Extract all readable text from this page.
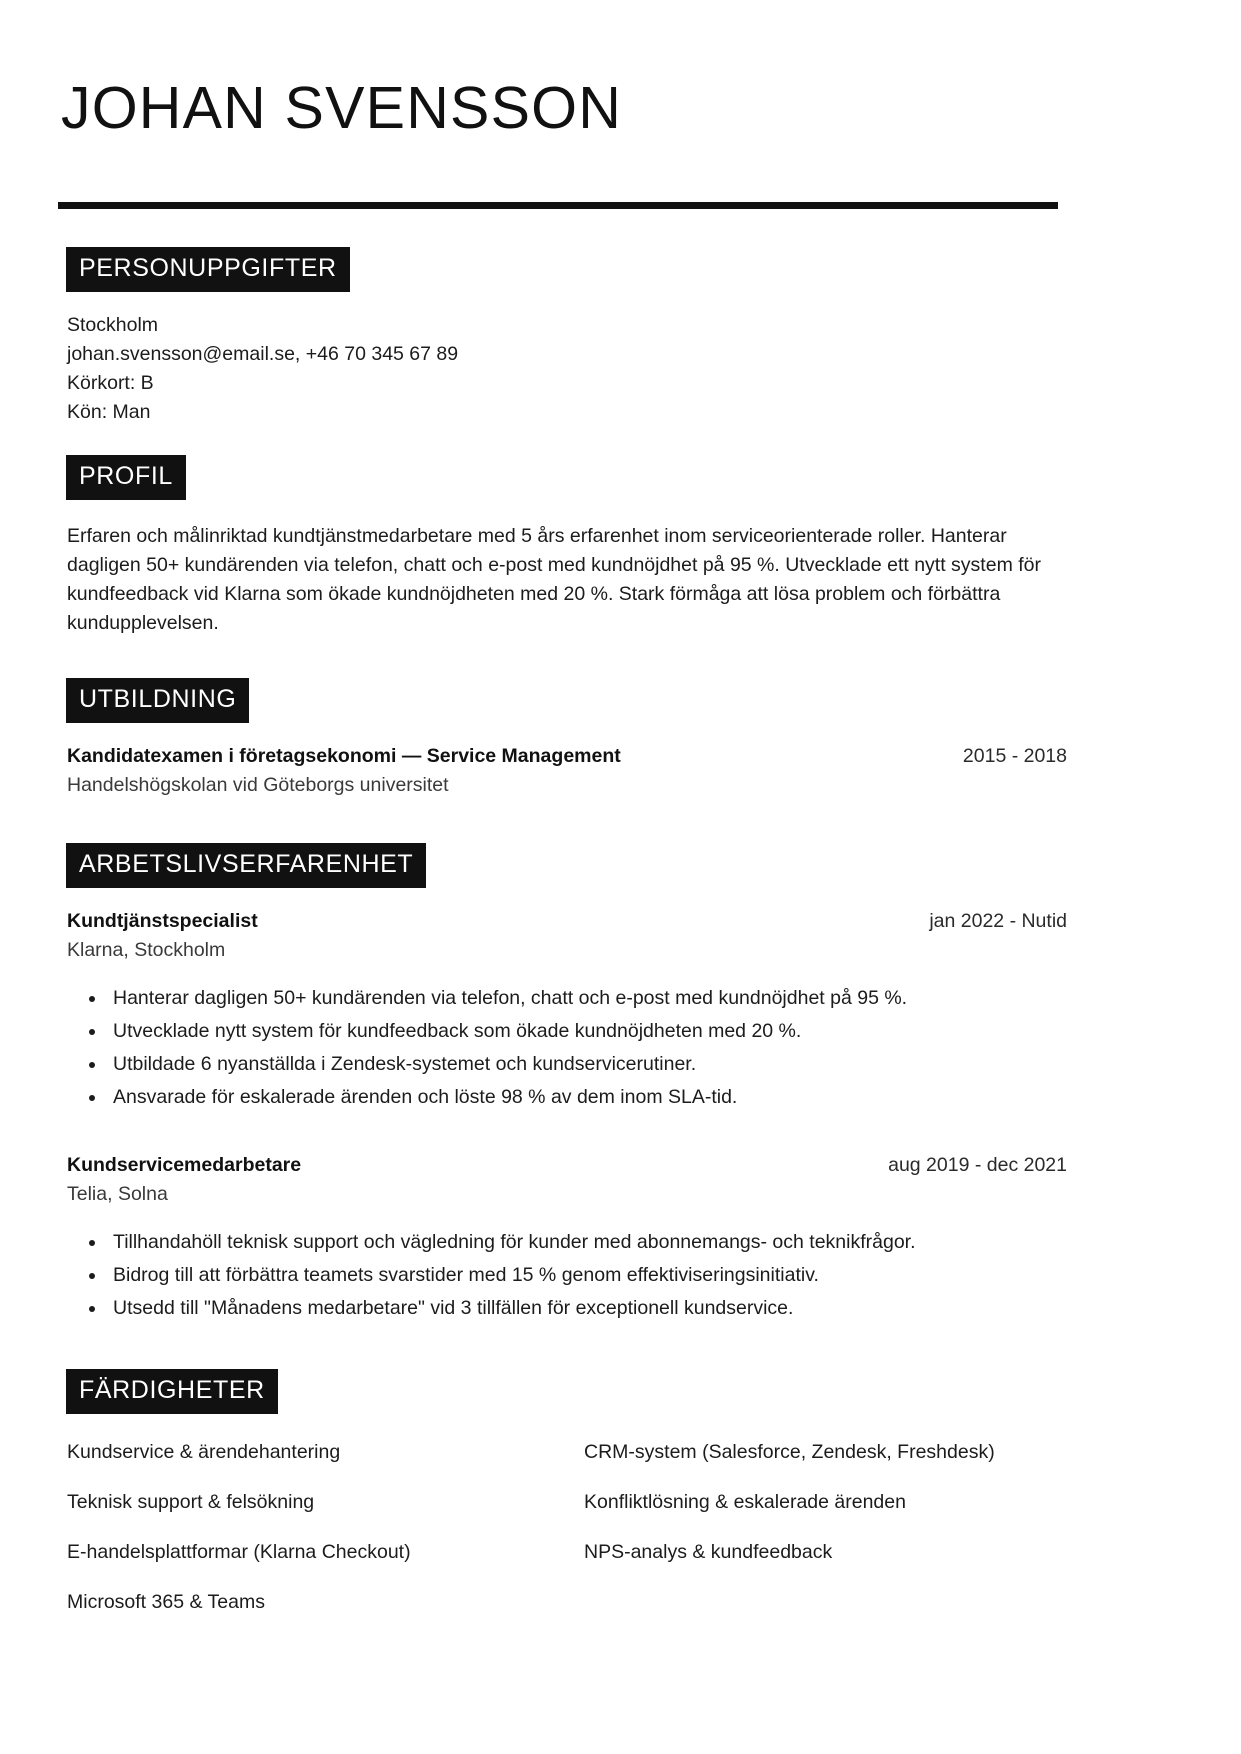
JOHAN SVENSSON
PERSONUPPGIFTER
Stockholm
johan.svensson@email.se, +46 70 345 67 89
Körkort: B
Kön: Man
PROFIL

Erfaren och målinriktad kundtjänstmedarbetare med 5 års erfarenhet inom serviceorienterade roller. Hanterar dagligen 50+ kundärenden via telefon, chatt och e-post med kundnöjdhet på 95 %. Utvecklade ett nytt system för kundfeedback vid Klarna som ökade kundnöjdheten med 20 %. Stark förmåga att lösa problem och förbättra kundupplevelsen.

UTBILDNING
Kandidatexamen i företagsekonomi — Service Management	2015 - 2018
Handelshögskolan vid Göteborgs universitet
ARBETSLIVSERFARENHET
Kundtjänstspecialist	jan 2022 - Nutid
Klarna, Stockholm
Hanterar dagligen 50+ kundärenden via telefon, chatt och e-post med kundnöjdhet på 95 %.
Utvecklade nytt system för kundfeedback som ökade kundnöjdheten med 20 %.
Utbildade 6 nyanställda i Zendesk-systemet och kundservicerutiner.
Ansvarade för eskalerade ärenden och löste 98 % av dem inom SLA-tid.
Kundservicemedarbetare	aug 2019 - dec 2021
Telia, Solna
Tillhandahöll teknisk support och vägledning för kunder med abonnemangs- och teknikfrågor.
Bidrog till att förbättra teamets svarstider med 15 % genom effektiviseringsinitiativ.
Utsedd till "Månadens medarbetare" vid 3 tillfällen för exceptionell kundservice.
FÄRDIGHETER
Kundservice & ärendehantering	CRM-system (Salesforce, Zendesk, Freshdesk)
Teknisk support & felsökning	Konfliktlösning & eskalerade ärenden
E-handelsplattformar (Klarna Checkout)	NPS-analys & kundfeedback
Microsoft 365 & Teams
